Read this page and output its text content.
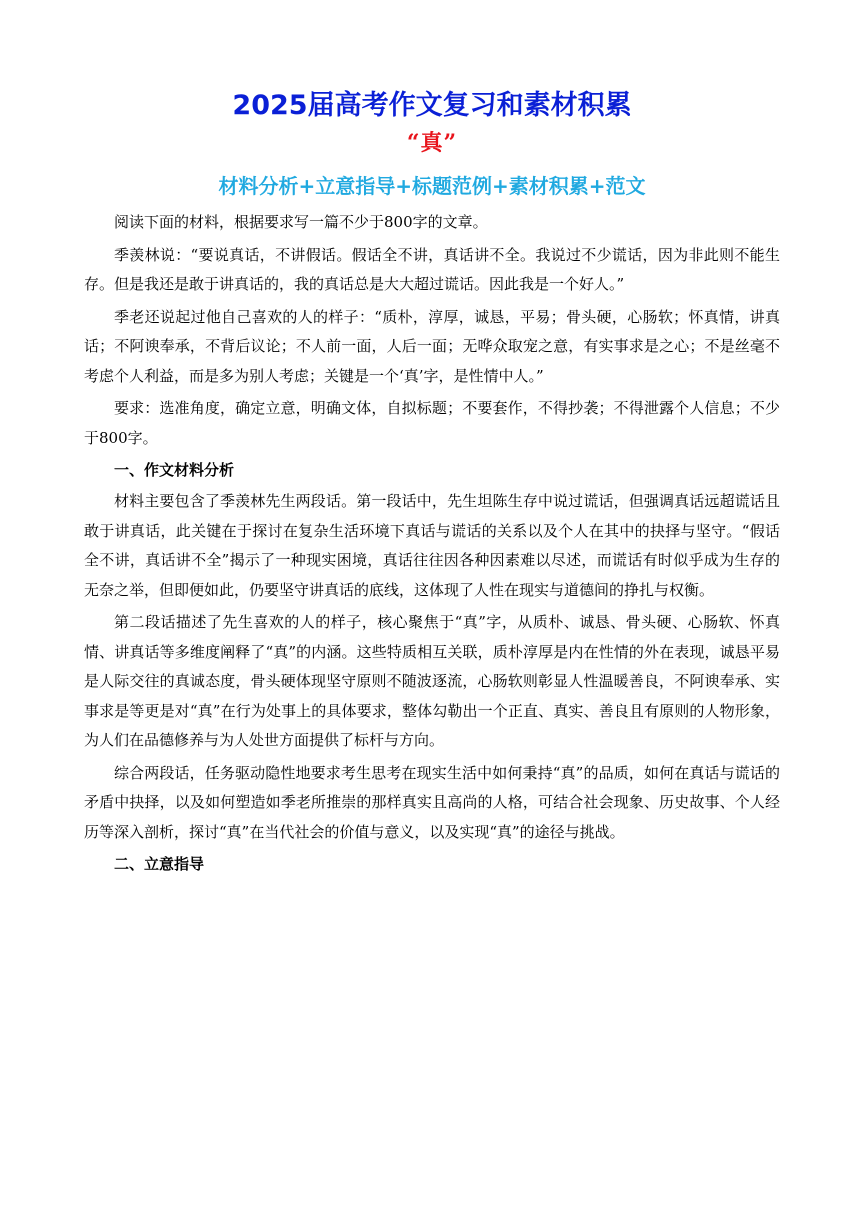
2025届高考作文复习和素材积累
“真”
材料分析+立意指导+标题范例+素材积累+范文

阅读下面的材料，根据要求写一篇不少于800字的文章。

季羡林说：“要说真话，不讲假话。假话全不讲，真话讲不全。我说过不少谎话，因为非此则不能生存。但是我还是敢于讲真话的，我的真话总是大大超过谎话。因此我是一个好人。”

季老还说起过他自己喜欢的人的样子：“质朴，淳厚，诚恳，平易；骨头硬，心肠软；怀真情，讲真话；不阿谀奉承，不背后议论；不人前一面，人后一面；无哗众取宠之意，有实事求是之心；不是丝毫不考虑个人利益，而是多为别人考虑；关键是一个‘真’字，是性情中人。”

要求：选准角度，确定立意，明确文体，自拟标题；不要套作，不得抄袭；不得泄露个人信息；不少于800字。

一、作文材料分析

材料主要包含了季羡林先生两段话。第一段话中，先生坦陈生存中说过谎话，但强调真话远超谎话且敢于讲真话，此关键在于探讨在复杂生活环境下真话与谎话的关系以及个人在其中的抉择与坚守。“假话全不讲，真话讲不全”揭示了一种现实困境，真话往往因各种因素难以尽述，而谎话有时似乎成为生存的无奈之举，但即便如此，仍要坚守讲真话的底线，这体现了人性在现实与道德间的挣扎与权衡。

第二段话描述了先生喜欢的人的样子，核心聚焦于“真”字，从质朴、诚恳、骨头硬、心肠软、怀真情、讲真话等多维度阐释了“真”的内涵。这些特质相互关联，质朴淳厚是内在性情的外在表现，诚恳平易是人际交往的真诚态度，骨头硬体现坚守原则不随波逐流，心肠软则彰显人性温暖善良，不阿谀奉承、实事求是等更是对“真”在行为处事上的具体要求，整体勾勒出一个正直、真实、善良且有原则的人物形象，为人们在品德修养与为人处世方面提供了标杆与方向。

综合两段话，任务驱动隐性地要求考生思考在现实生活中如何秉持“真”的品质，如何在真话与谎话的矛盾中抉择，以及如何塑造如季老所推崇的那样真实且高尚的人格，可结合社会现象、历史故事、个人经历等深入剖析，探讨“真”在当代社会的价值与意义，以及实现“真”的途径与挑战。

二、立意指导
